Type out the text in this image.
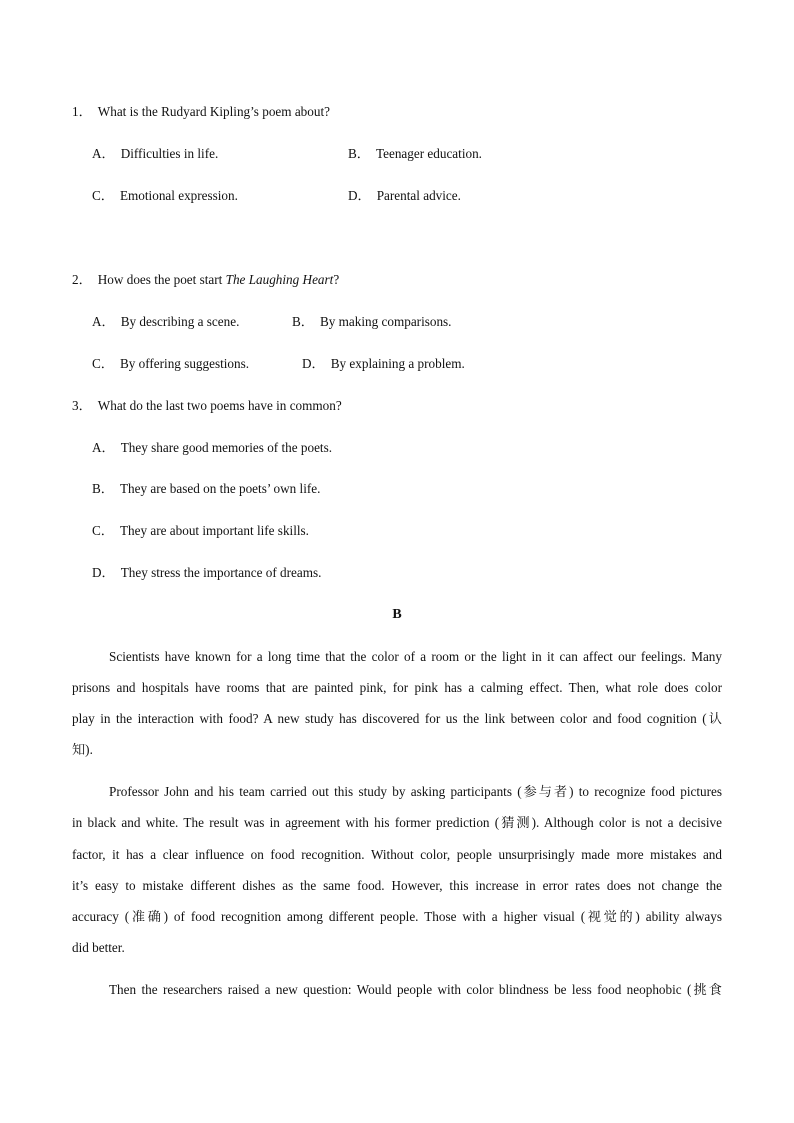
1． What is the Rudyard Kipling’s poem about?
A． Difficulties in life.	B． Teenager education.
C． Emotional expression.	D． Parental advice.
2． How does the poet start The Laughing Heart?
A． By describing a scene.	B． By making comparisons.
C． By offering suggestions.	D． By explaining a problem.
3． What do the last two poems have in common?
A． They share good memories of the poets.
B． They are based on the poets’ own life.
C． They are about important life skills.
D． They stress the importance of dreams.
B
Scientists have known for a long time that the color of a room or the light in it can affect our feelings. Many
prisons and hospitals have rooms that are painted pink, for pink has a calming effect. Then, what role does color
play in the interaction with food? A new study has discovered for us the link between color and food cognition (认
知).
Professor John and his team carried out this study by asking participants (参与者) to recognize food pictures
in black and white. The result was in agreement with his former prediction (猜测). Although color is not a decisive
factor, it has a clear influence on food recognition. Without color, people unsurprisingly made more mistakes and
it’s easy to mistake different dishes as the same food. However, this increase in error rates does not change the
accuracy (准确) of food recognition among different people. Those with a higher visual (视觉的) ability always
did better.
Then the researchers raised a new question: Would people with color blindness be less food neophobic (挑食
